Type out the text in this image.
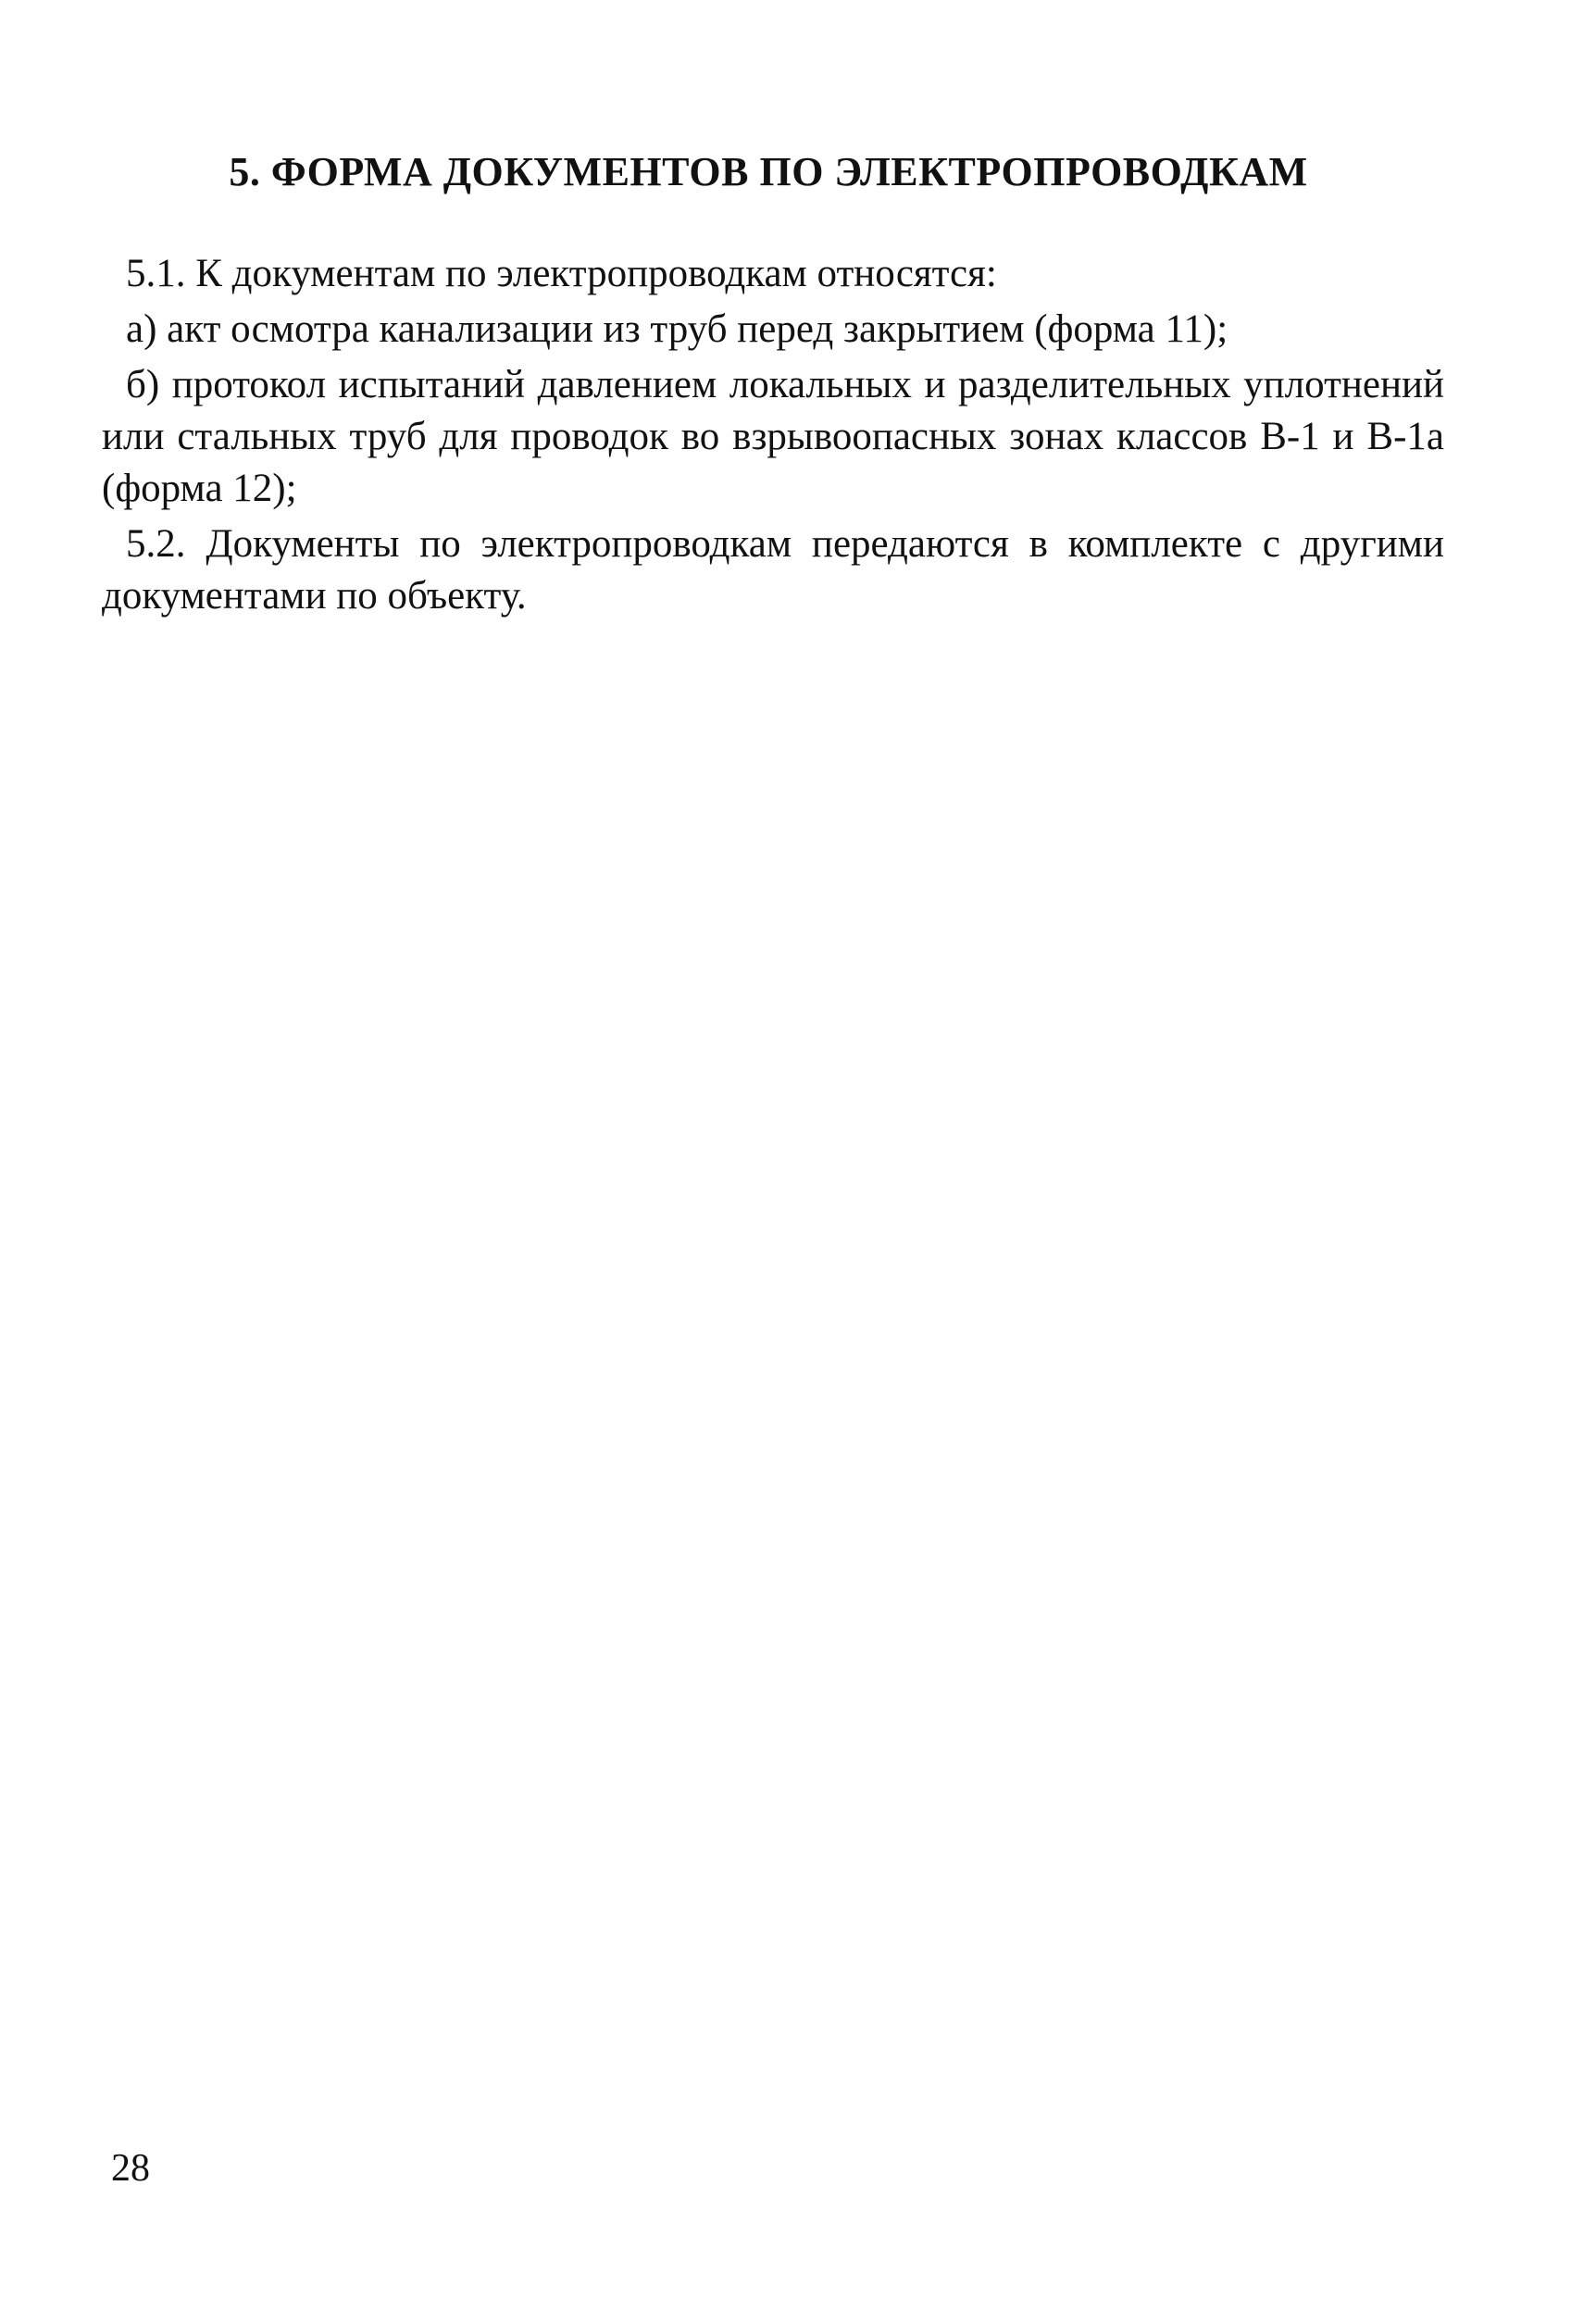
5. ФОРМА ДОКУМЕНТОВ ПО ЭЛЕКТРОПРОВОДКАМ

5.1. К документам по электропроводкам относятся:

а) акт осмотра канализации из труб перед закрытием (форма 11);

б) протокол испытаний давлением локальных и разделительных уплотнений или стальных труб для проводок во взрывоопасных зонах классов В-1 и В-1а (форма 12);

5.2. Документы по электропроводкам передаются в комплекте с другими документами по объекту.

28
